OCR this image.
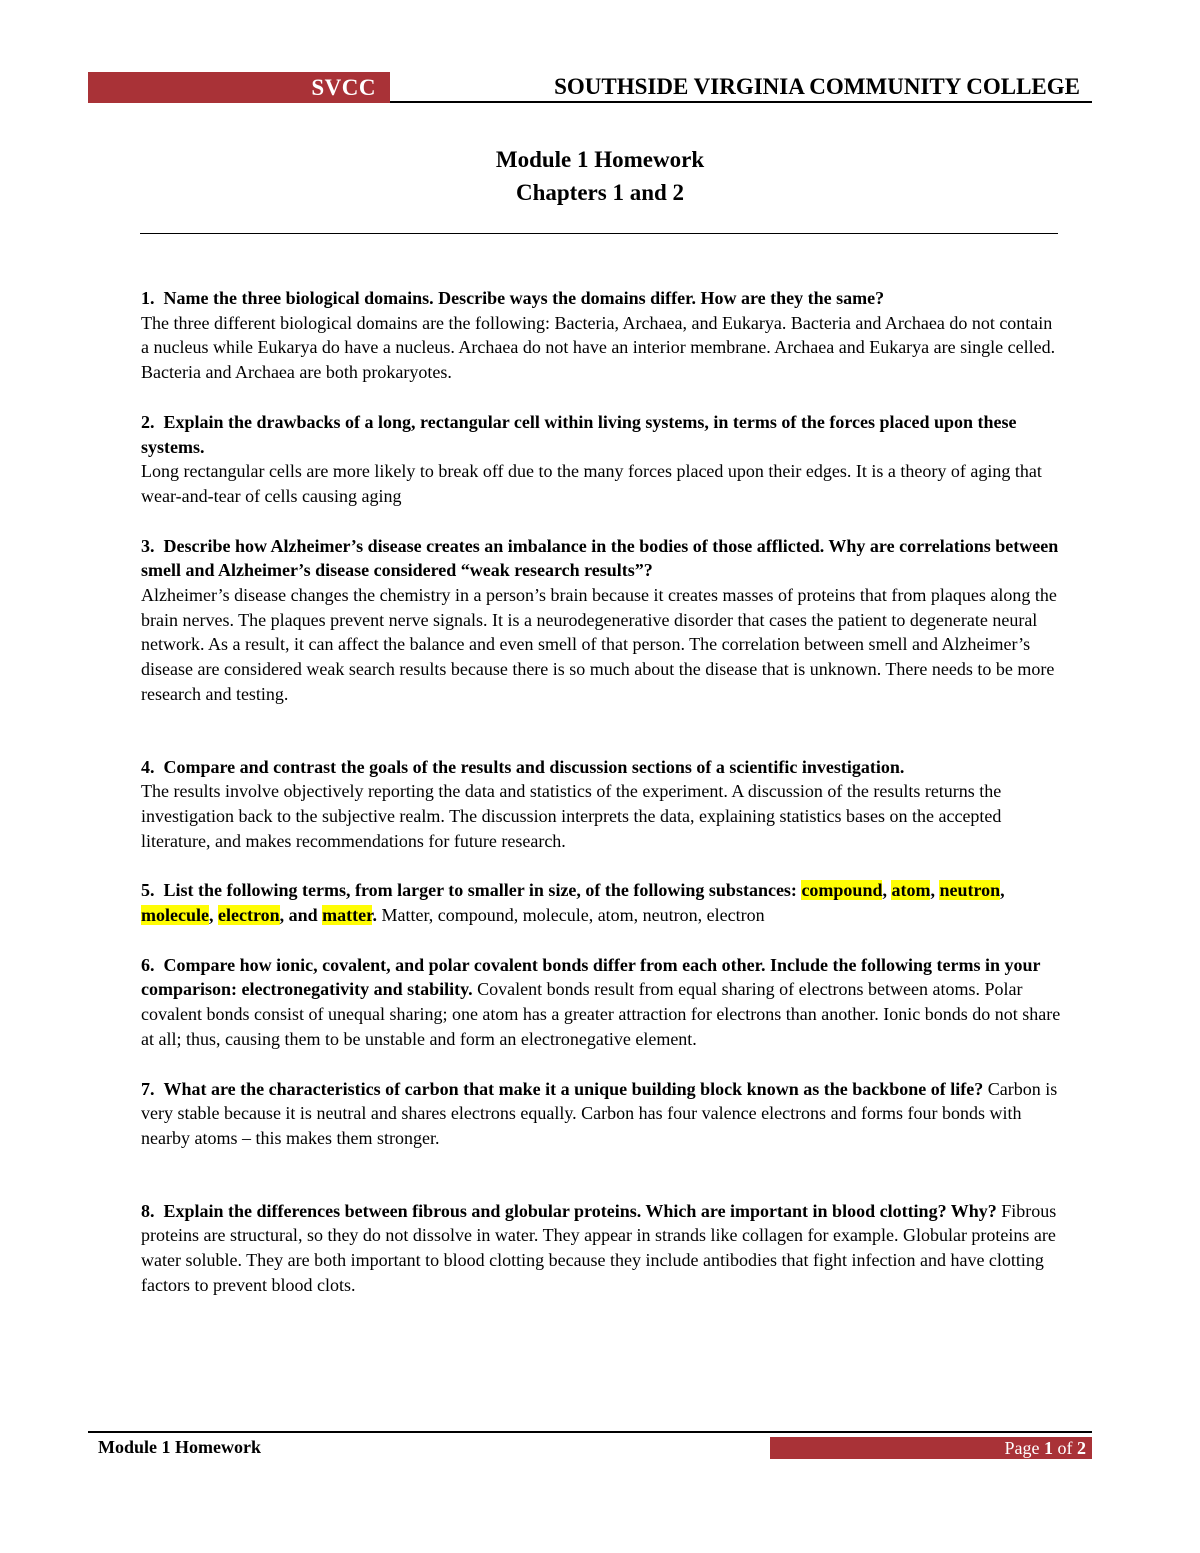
SVCC	SOUTHSIDE VIRGINIA COMMUNITY COLLEGE
Module 1 Homework
Chapters 1 and 2

1. Name the three biological domains. Describe ways the domains differ. How are they the same?
The three different biological domains are the following: Bacteria, Archaea, and Eukarya. Bacteria and Archaea do not contain a nucleus while Eukarya do have a nucleus. Archaea do not have an interior membrane. Archaea and Eukarya are single celled. Bacteria and Archaea are both prokaryotes.

2. Explain the drawbacks of a long, rectangular cell within living systems, in terms of the forces placed upon these systems.
Long rectangular cells are more likely to break off due to the many forces placed upon their edges. It is a theory of aging that wear-and-tear of cells causing aging

3. Describe how Alzheimer’s disease creates an imbalance in the bodies of those afflicted. Why are correlations between smell and Alzheimer’s disease considered “weak research results”?
Alzheimer’s disease changes the chemistry in a person’s brain because it creates masses of proteins that from plaques along the brain nerves. The plaques prevent nerve signals. It is a neurodegenerative disorder that cases the patient to degenerate neural network. As a result, it can affect the balance and even smell of that person. The correlation between smell and Alzheimer’s disease are considered weak search results because there is so much about the disease that is unknown. There needs to be more research and testing.

4. Compare and contrast the goals of the results and discussion sections of a scientific investigation.
The results involve objectively reporting the data and statistics of the experiment. A discussion of the results returns the investigation back to the subjective realm. The discussion interprets the data, explaining statistics bases on the accepted literature, and makes recommendations for future research.

5. List the following terms, from larger to smaller in size, of the following substances: compound, atom, neutron, molecule, electron, and matter. Matter, compound, molecule, atom, neutron, electron

6. Compare how ionic, covalent, and polar covalent bonds differ from each other. Include the following terms in your comparison: electronegativity and stability. Covalent bonds result from equal sharing of electrons between atoms. Polar covalent bonds consist of unequal sharing; one atom has a greater attraction for electrons than another. Ionic bonds do not share at all; thus, causing them to be unstable and form an electronegative element.

7. What are the characteristics of carbon that make it a unique building block known as the backbone of life? Carbon is very stable because it is neutral and shares electrons equally. Carbon has four valence electrons and forms four bonds with nearby atoms – this makes them stronger.

8. Explain the differences between fibrous and globular proteins. Which are important in blood clotting? Why? Fibrous proteins are structural, so they do not dissolve in water. They appear in strands like collagen for example. Globular proteins are water soluble. They are both important to blood clotting because they include antibodies that fight infection and have clotting factors to prevent blood clots.

Module 1 Homework	Page 1 of 2
